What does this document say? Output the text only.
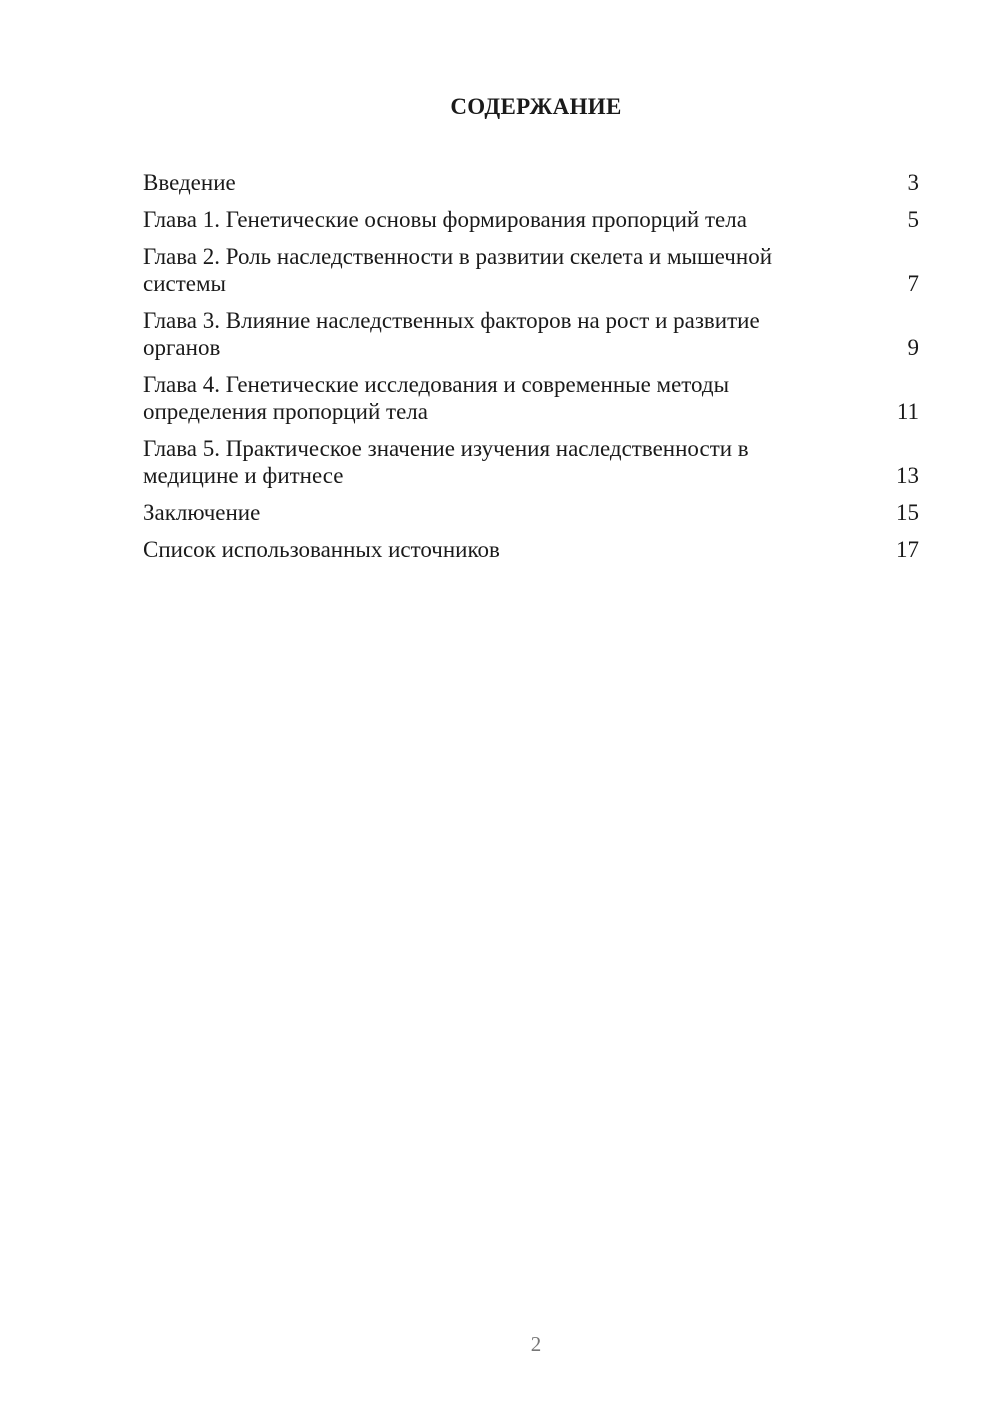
СОДЕРЖАНИЕ
Введение	3
Глава 1. Генетические основы формирования пропорций тела	5
Глава 2. Роль наследственности в развитии скелета и мышечной
системы	7
Глава 3. Влияние наследственных факторов на рост и развитие
органов	9
Глава 4. Генетические исследования и современные методы
определения пропорций тела	11
Глава 5. Практическое значение изучения наследственности в
медицине и фитнесе	13
Заключение	15
Список использованных источников	17
2
